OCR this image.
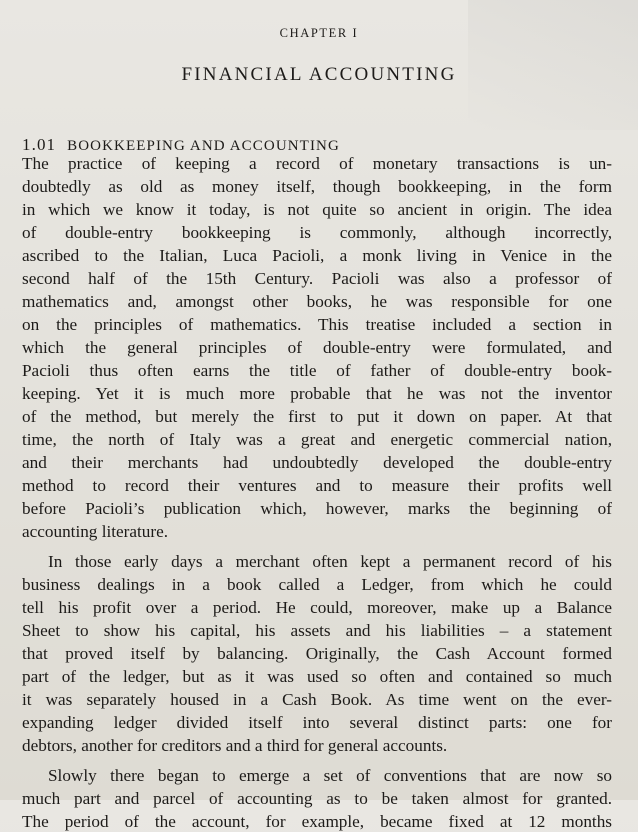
CHAPTER I
FINANCIAL ACCOUNTING
1.01 BOOKKEEPING AND ACCOUNTING
The practice of keeping a record of monetary transactions is un-
doubtedly as old as money itself, though bookkeeping, in the form
in which we know it today, is not quite so ancient in origin. The idea
of double-entry bookkeeping is commonly, although incorrectly,
ascribed to the Italian, Luca Pacioli, a monk living in Venice in the
second half of the 15th Century. Pacioli was also a professor of
mathematics and, amongst other books, he was responsible for one
on the principles of mathematics. This treatise included a section in
which the general principles of double-entry were formulated, and
Pacioli thus often earns the title of father of double-entry book-
keeping. Yet it is much more probable that he was not the inventor
of the method, but merely the first to put it down on paper. At that
time, the north of Italy was a great and energetic commercial nation,
and their merchants had undoubtedly developed the double-entry
method to record their ventures and to measure their profits well
before Pacioli’s publication which, however, marks the beginning of
accounting literature.
In those early days a merchant often kept a permanent record of his
business dealings in a book called a Ledger, from which he could
tell his profit over a period. He could, moreover, make up a Balance
Sheet to show his capital, his assets and his liabilities – a statement
that proved itself by balancing. Originally, the Cash Account formed
part of the ledger, but as it was used so often and contained so much
it was separately housed in a Cash Book. As time went on the ever-
expanding ledger divided itself into several distinct parts: one for
debtors, another for creditors and a third for general accounts.
Slowly there began to emerge a set of conventions that are now so
much part and parcel of accounting as to be taken almost for granted.
The period of the account, for example, became fixed at 12 months
